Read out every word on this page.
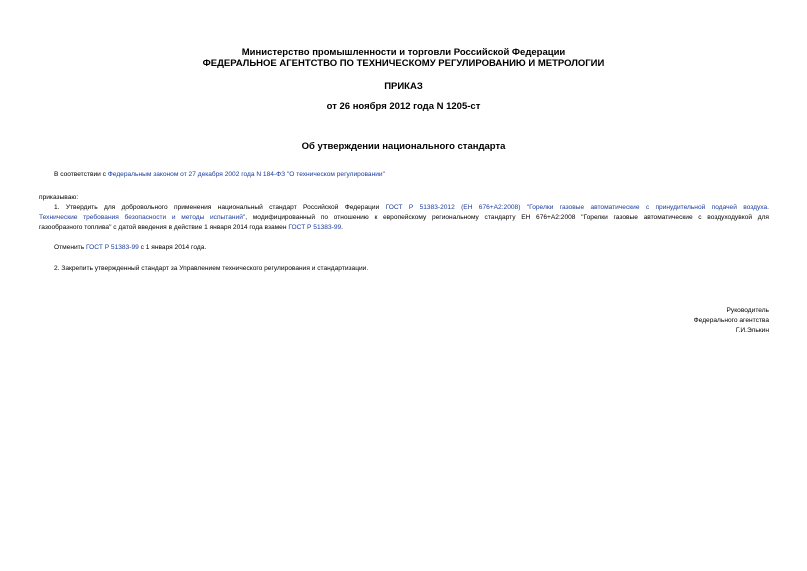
Министерство промышленности и торговли Российской Федерации
ФЕДЕРАЛЬНОЕ АГЕНТСТВО ПО ТЕХНИЧЕСКОМУ РЕГУЛИРОВАНИЮ И МЕТРОЛОГИИ
ПРИКАЗ
от 26 ноября 2012 года N 1205-ст
Об утверждении национального стандарта
В соответствии с Федеральным законом от 27 декабря 2002 года N 184-ФЗ "О техническом регулировании"
приказываю:
1. Утвердить для добровольного применения национальный стандарт Российской Федерации ГОСТ Р 51383-2012 (ЕН 676+А2:2008) "Горелки газовые автоматические с принудительной подачей воздуха.
Технические требования безопасности и методы испытаний", модифицированный по отношению к европейскому региональному стандарту ЕН 676+А2:2008 "Горелки газовые автоматические с воздуходувкой для
газообразного топлива" с датой введения в действие 1 января 2014 года взамен ГОСТ Р 51383-99.
Отменить ГОСТ Р 51383-99 с 1 января 2014 года.
2. Закрепить утвержденный стандарт за Управлением технического регулирования и стандартизации.
Руководитель
Федерального агентства
Г.И.Элькин
